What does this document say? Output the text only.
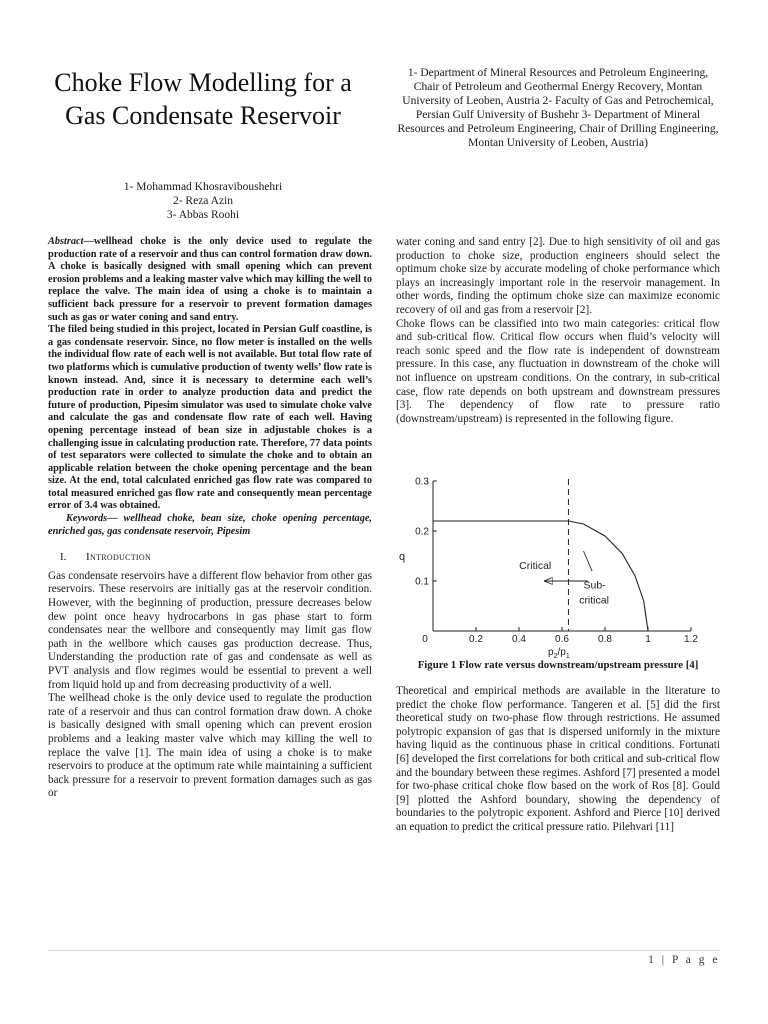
Choke Flow Modelling for a Gas Condensate Reservoir
1- Mohammad Khosraviboushehri
2- Reza Azin
3- Abbas Roohi
1- Department of Mineral Resources and Petroleum Engineering, Chair of Petroleum and Geothermal Energy Recovery, Montan University of Leoben, Austria 2- Faculty of Gas and Petrochemical, Persian Gulf University of Bushehr 3- Department of Mineral Resources and Petroleum Engineering, Chair of Drilling Engineering, Montan University of Leoben, Austria)

Abstract—wellhead choke is the only device used to regulate the production rate of a reservoir and thus can control formation draw down. A choke is basically designed with small opening which can prevent erosion problems and a leaking master valve which may killing the well to replace the valve. The main idea of using a choke is to maintain a sufficient back pressure for a reservoir to prevent formation damages such as gas or water coning and sand entry.

The filed being studied in this project, located in Persian Gulf coastline, is a gas condensate reservoir. Since, no flow meter is installed on the wells the individual flow rate of each well is not available. But total flow rate of two platforms which is cumulative production of twenty wells’ flow rate is known instead. And, since it is necessary to determine each well’s production rate in order to analyze production data and predict the future of production, Pipesim simulator was used to simulate choke valve and calculate the gas and condensate flow rate of each well. Having opening percentage instead of bean size in adjustable chokes is a challenging issue in calculating production rate. Therefore, 77 data points of test separators were collected to simulate the choke and to obtain an applicable relation between the choke opening percentage and the bean size. At the end, total calculated enriched gas flow rate was compared to total measured enriched gas flow rate and consequently mean percentage error of 3.4 was obtained.

Keywords— wellhead choke, bean size, choke opening percentage, enriched gas, gas condensate reservoir, Pipesim

I. Introduction

Gas condensate reservoirs have a different flow behavior from other gas reservoirs. These reservoirs are initially gas at the reservoir condition. However, with the beginning of production, pressure decreases below dew point once heavy hydrocarbons in gas phase start to form condensates near the wellbore and consequently may limit gas flow path in the wellbore which causes gas production decrease. Thus, Understanding the production rate of gas and condensate as well as PVT analysis and flow regimes would be essential to prevent a well from liquid hold up and from decreasing productivity of a well.

The wellhead choke is the only device used to regulate the production rate of a reservoir and thus can control formation draw down. A choke is basically designed with small opening which can prevent erosion problems and a leaking master valve which may killing the well to replace the valve [1]. The main idea of using a choke is to make reservoirs to produce at the optimum rate while maintaining a sufficient back pressure for a reservoir to prevent formation damages such as gas or

water coning and sand entry [2]. Due to high sensitivity of oil and gas production to choke size, production engineers should select the optimum choke size by accurate modeling of choke performance which plays an increasingly important role in the reservoir management. In other words, finding the optimum choke size can maximize economic recovery of oil and gas from a reservoir [2].

Choke flows can be classified into two main categories: critical flow and sub-critical flow. Critical flow occurs when fluid’s velocity will reach sonic speed and the flow rate is independent of downstream pressure. In this case, any fluctuation in downstream of the choke will not influence on upstream conditions. On the contrary, in sub-critical case, flow rate depends on both upstream and downstream pressures [3]. The dependency of flow rate to pressure ratio (downstream/upstream) is represented in the following figure.

0	0.2	0.4	0.6	0.8	1	1.2
0.1
0.2
0.3
q
$p_2/p_1$
Critical
Sub-
critical
Figure 1 Flow rate versus downstream/upstream pressure [4]

Theoretical and empirical methods are available in the literature to predict the choke flow performance. Tangeren et al. [5] did the first theoretical study on two-phase flow through restrictions. He assumed polytropic expansion of gas that is dispersed uniformly in the mixture having liquid as the continuous phase in critical conditions. Fortunati [6] developed the first correlations for both critical and sub-critical flow and the boundary between these regimes. Ashford [7] presented a model for two-phase critical choke flow based on the work of Ros [8]. Gould [9] plotted the Ashford boundary, showing the dependency of boundaries to the polytropic exponent. Ashford and Pierce [10] derived an equation to predict the critical pressure ratio. Pilehvari [11]

1 | P a g e
